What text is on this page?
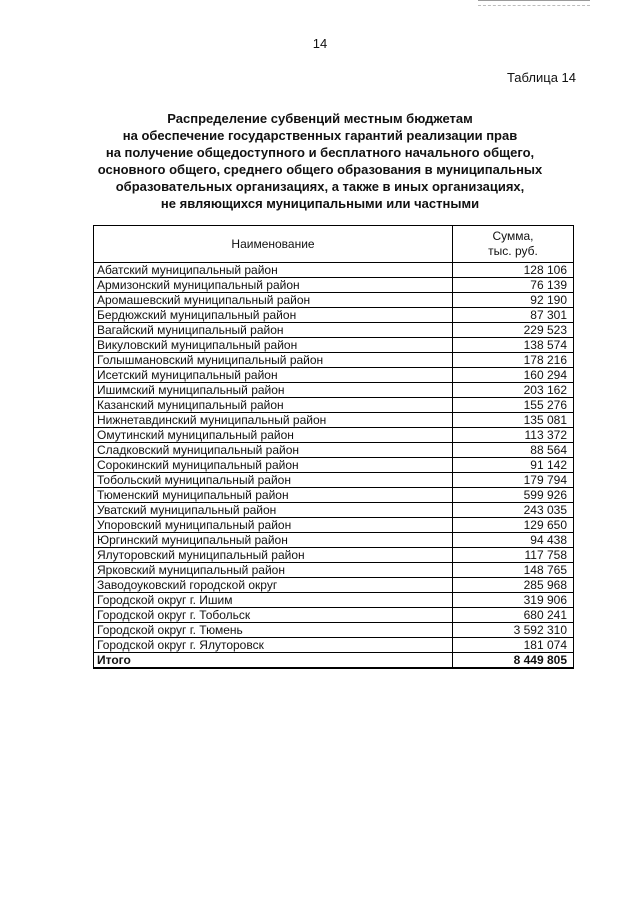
14
Таблица 14
Распределение субвенций местным бюджетам
на обеспечение государственных гарантий реализации прав
на получение общедоступного и бесплатного начального общего,
основного общего, среднего общего образования в муниципальных
образовательных организациях, а также в иных организациях,
не являющихся муниципальными или частными
Наименование	Сумма,
тыс. руб.

Абатский муниципальный район	128 106
Армизонский муниципальный район	76 139
Аромашевский муниципальный район	92 190
Бердюжский муниципальный район	87 301
Вагайский муниципальный район	229 523
Викуловский муниципальный район	138 574
Голышмановский муниципальный район	178 216
Исетский муниципальный район	160 294
Ишимский муниципальный район	203 162
Казанский муниципальный район	155 276
Нижнетавдинский муниципальный район	135 081
Омутинский муниципальный район	113 372
Сладковский муниципальный район	88 564
Сорокинский муниципальный район	91 142
Тобольский муниципальный район	179 794
Тюменский муниципальный район	599 926
Уватский муниципальный район	243 035
Упоровский муниципальный район	129 650
Юргинский муниципальный район	94 438
Ялуторовский муниципальный район	117 758
Ярковский муниципальный район	148 765
Заводоуковский городской округ	285 968
Городской округ г. Ишим	319 906
Городской округ г. Тобольск	680 241
Городской округ г. Тюмень	3 592 310
Городской округ г. Ялуторовск	181 074
Итого	8 449 805
